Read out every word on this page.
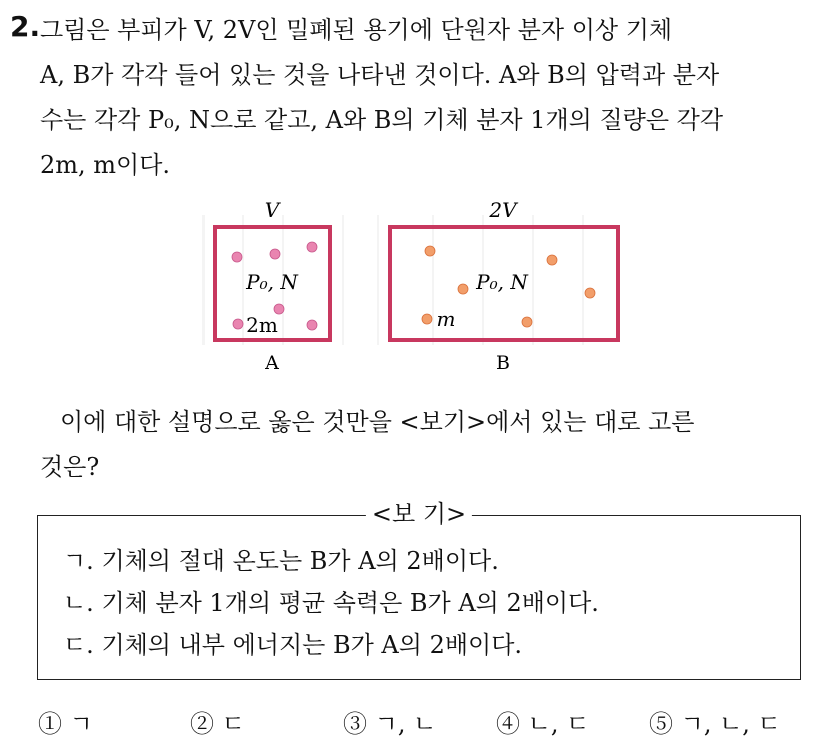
2. 그림은 부피가 V, 2V인 밀폐된 용기에 단원자 분자 이상 기체
A, B가 각각 들어 있는 것을 나타낸 것이다. A와 B의 압력과 분자
수는 각각 P₀, N으로 같고, A와 B의 기체 분자 1개의 질량은 각각
2m, m이다.
V
P₀, N
2m
A
2V
P₀, N
m
B
이에 대한 설명으로 옳은 것만을 <보기>에서 있는 대로 고른
것은?
<보 기>
ㄱ. 기체의 절대 온도는 B가 A의 2배이다.
ㄴ. 기체 분자 1개의 평균 속력은 B가 A의 2배이다.
ㄷ. 기체의 내부 에너지는 B가 A의 2배이다.
① ㄱ	② ㄷ	③ ㄱ, ㄴ ④ ㄴ, ㄷ ⑤ ㄱ, ㄴ, ㄷ
